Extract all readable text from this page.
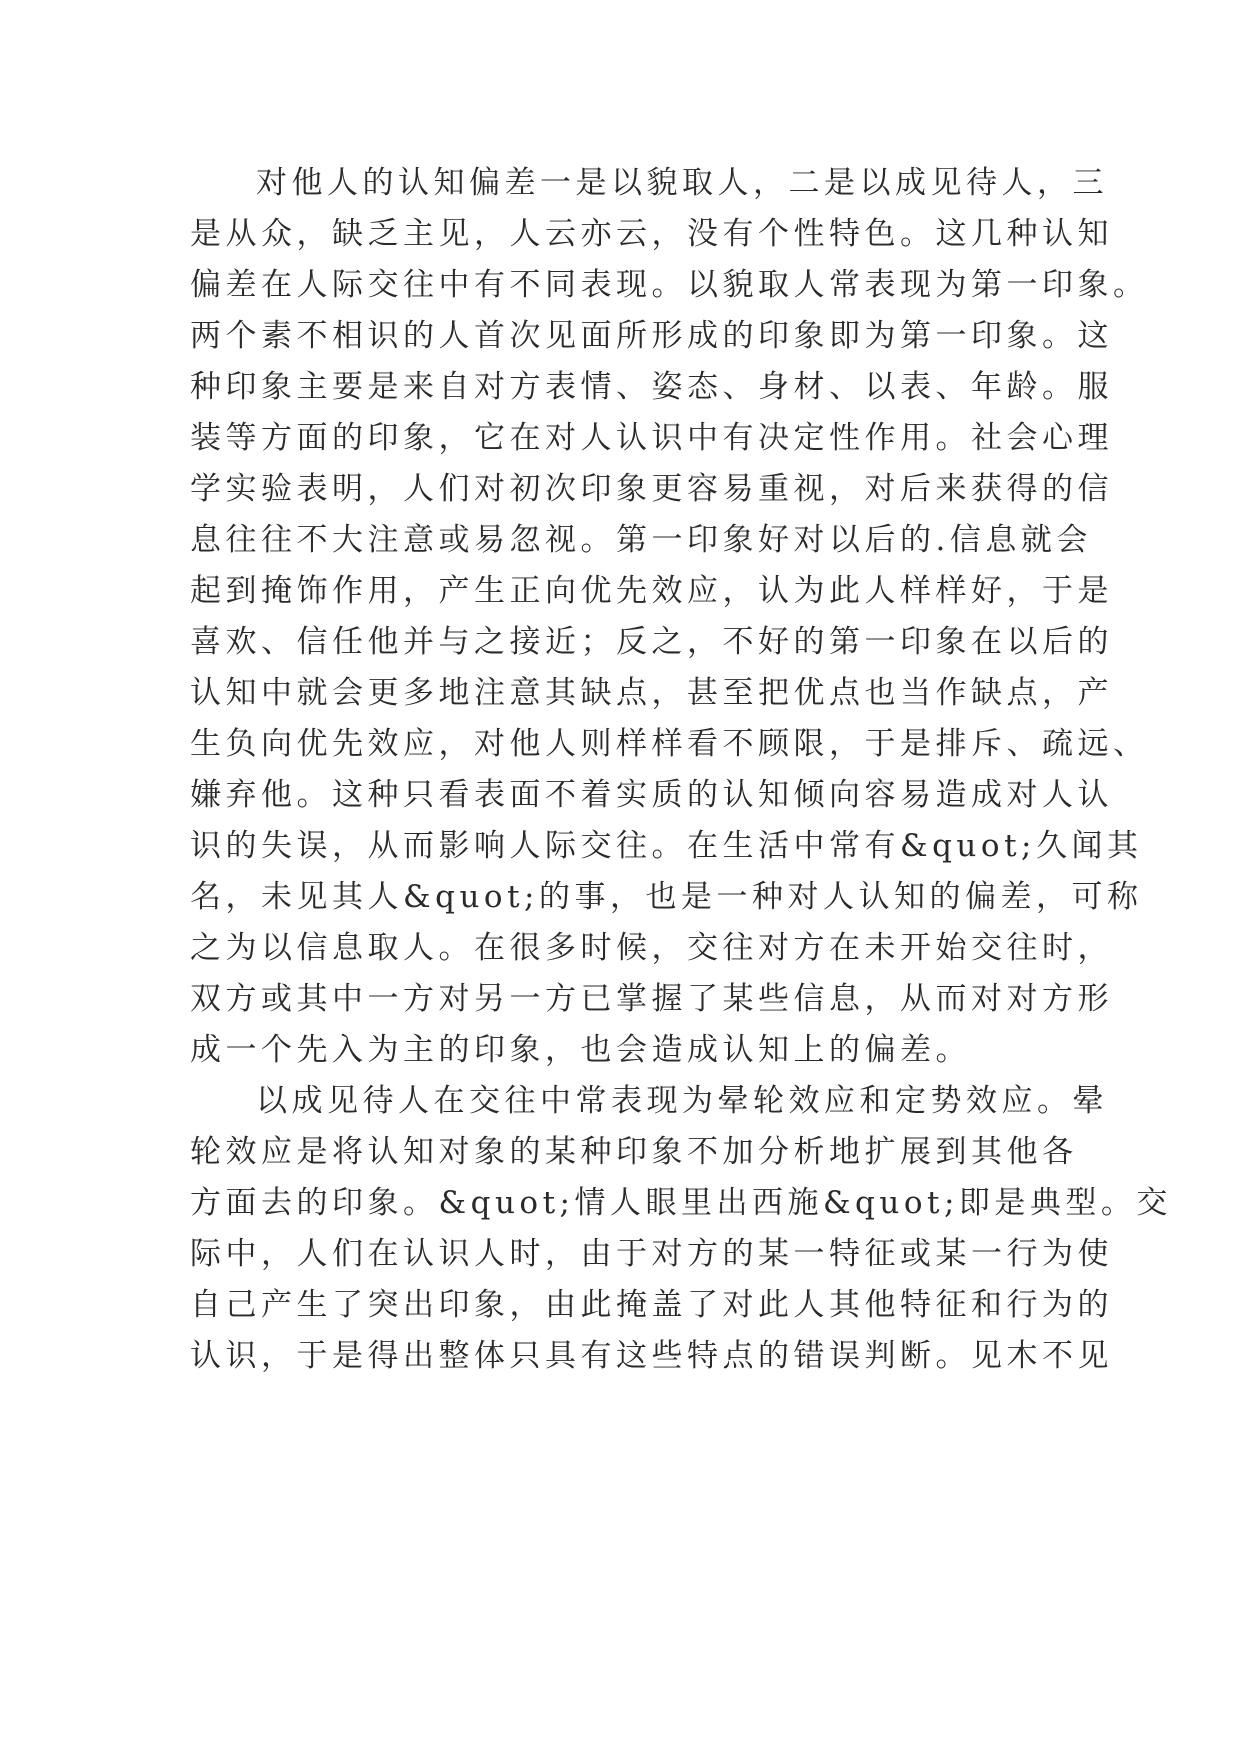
对他人的认知偏差一是以貌取人，二是以成见待人，三
是从众，缺乏主见，人云亦云，没有个性特色。这几种认知
偏差在人际交往中有不同表现。以貌取人常表现为第一印象。
两个素不相识的人首次见面所形成的印象即为第一印象。这
种印象主要是来自对方表情、姿态、身材、以表、年龄。服
装等方面的印象，它在对人认识中有决定性作用。社会心理
学实验表明，人们对初次印象更容易重视，对后来获得的信
息往往不大注意或易忽视。第一印象好对以后的.信息就会
起到掩饰作用，产生正向优先效应，认为此人样样好，于是
喜欢、信任他并与之接近；反之，不好的第一印象在以后的
认知中就会更多地注意其缺点，甚至把优点也当作缺点，产
生负向优先效应，对他人则样样看不顾限，于是排斥、疏远、
嫌弃他。这种只看表面不着实质的认知倾向容易造成对人认
识的失误，从而影响人际交往。在生活中常有&quot;久闻其
名，未见其人&quot;的事，也是一种对人认知的偏差，可称
之为以信息取人。在很多时候，交往对方在未开始交往时，
双方或其中一方对另一方已掌握了某些信息，从而对对方形
成一个先入为主的印象，也会造成认知上的偏差。
以成见待人在交往中常表现为晕轮效应和定势效应。晕
轮效应是将认知对象的某种印象不加分析地扩展到其他各
方面去的印象。&quot;情人眼里出西施&quot;即是典型。交
际中，人们在认识人时，由于对方的某一特征或某一行为使
自己产生了突出印象，由此掩盖了对此人其他特征和行为的
认识，于是得出整体只具有这些特点的错误判断。见木不见
